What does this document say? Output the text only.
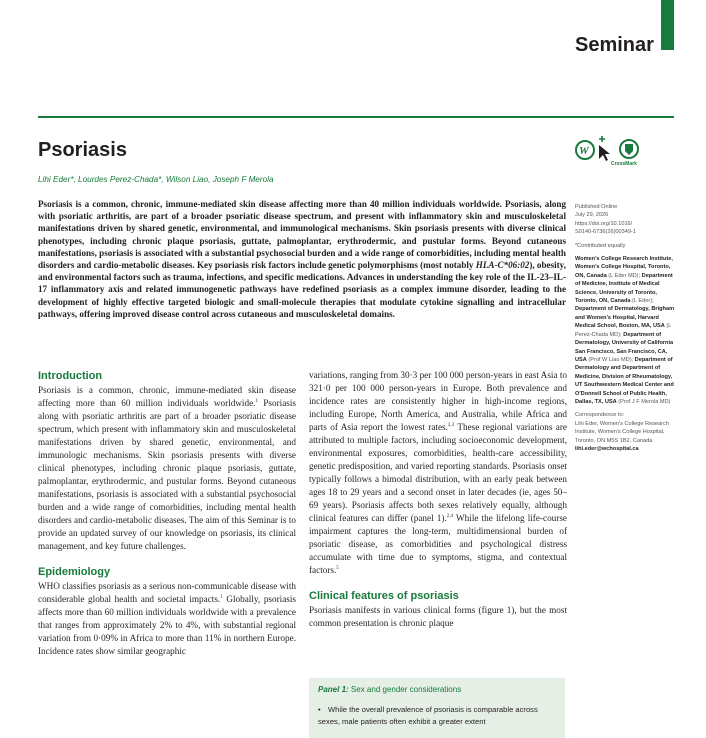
Seminar
Psoriasis

Lihi Eder*, Lourdes Perez-Chada*, Wilson Liao, Joseph F Merola

W
CrossMark

Psoriasis is a common, chronic, immune-mediated skin disease affecting more than 40 million individuals worldwide. Psoriasis, along with psoriatic arthritis, are part of a broader psoriatic disease spectrum, and present with inflammatory skin and musculoskeletal manifestations driven by shared genetic, environmental, and immunological mechanisms. Skin psoriasis presents with diverse clinical phenotypes, including chronic plaque psoriasis, guttate, palmoplantar, erythrodermic, and pustular forms. Beyond cutaneous manifestations, psoriasis is associated with a substantial psychosocial burden and a wide range of comorbidities, including mental health disorders and cardio-metabolic diseases. Key psoriasis risk factors include genetic polymorphisms (most notably HLA-C*06:02), obesity, and environmental factors such as trauma, infections, and specific medications. Advances in understanding the key role of the IL-23–IL-17 inflammatory axis and related immunogenetic pathways have redefined psoriasis as a complex immune disorder, leading to the development of highly effective targeted biologic and small-molecule therapies that modulate cytokine signalling and intracellular pathways, offering improved disease control across cutaneous and musculoskeletal domains.

Introduction

Psoriasis is a common, chronic, immune-mediated skin disease affecting more than 60 million individuals worldwide.$^1$ Psoriasis along with psoriatic arthritis are part of a broader psoriatic disease spectrum, which present with inflammatory skin and musculoskeletal manifestations driven by shared genetic, environmental, and immunologic mechanisms. Skin psoriasis presents with diverse clinical phenotypes, including chronic plaque psoriasis, guttate, palmoplantar, erythrodermic, and pustular forms. Beyond cutaneous manifestations, psoriasis is associated with a substantial psychosocial burden and a wide range of comorbidities, including mental health disorders and cardio-metabolic diseases. The aim of this Seminar is to provide an updated survey of our knowledge on psoriasis, its clinical management, and key future challenges.

Epidemiology

WHO classifies psoriasis as a serious non-communicable disease with considerable global health and societal impacts.$^1$ Globally, psoriasis affects more than 60 million individuals worldwide with a prevalence that ranges from approximately 2% to 4%, with substantial regional variation from 0·09% in Africa to more than 11% in northern Europe. Incidence rates show similar geographic

variations, ranging from 30·3 per 100 000 person-years in east Asia to 321·0 per 100 000 person-years in Europe. Both prevalence and incidence rates are consistently higher in high-income regions, including Europe, North America, and Australia, while Africa and parts of Asia report the lowest rates.$^{2,3}$ These regional variations are attributed to multiple factors, including socioeconomic development, environmental exposures, comorbidities, health-care accessibility, genetic predisposition, and varied reporting standards. Psoriasis onset typically follows a bimodal distribution, with an early peak between ages 18 to 29 years and a second onset in later decades (ie, ages 50–69 years). Psoriasis affects both sexes relatively equally, although clinical features can differ (panel 1).$^{2,4}$ While the lifelong life-course impairment captures the long-term, multidimensional burden of psoriatic disease, as comorbidities and psychological distress accumulate with time due to symptoms, stigma, and contextual factors.$^5$

Clinical features of psoriasis

Psoriasis manifests in various clinical forms (figure 1), but the most common presentation is chronic plaque

Panel 1: Sex and gender considerations
• While the overall prevalence of psoriasis is comparable across sexes, male patients often exhibit a greater extent

Published Online

July 29, 2026

https://doi.org/10.1016/
S0140-6736(26)00349-1

*Contributed equally

Women's College Research Institute, Women's College Hospital, Toronto, ON, Canada (L Eder MD); Department of Medicine, Institute of Medical Science, University of Toronto, Toronto, ON, Canada (L Eder); Department of Dermatology, Brigham and Women's Hospital, Harvard Medical School, Boston, MA, USA (L Perez-Chada MD); Department of Dermatology, University of California San Francisco, San Francisco, CA, USA (Prof W Liao MD); Department of Dermatology and Department of Medicine, Division of Rheumatology, UT Southwestern Medical Center and O'Donnell School of Public Health, Dallas, TX, USA (Prof J F Merola MD)

Correspondence to:

Lihi Eder, Women's College Research Institute, Women's College Hospital, Toronto, ON M5S 1B2, Canada

lihi.eder@wchospital.ca
